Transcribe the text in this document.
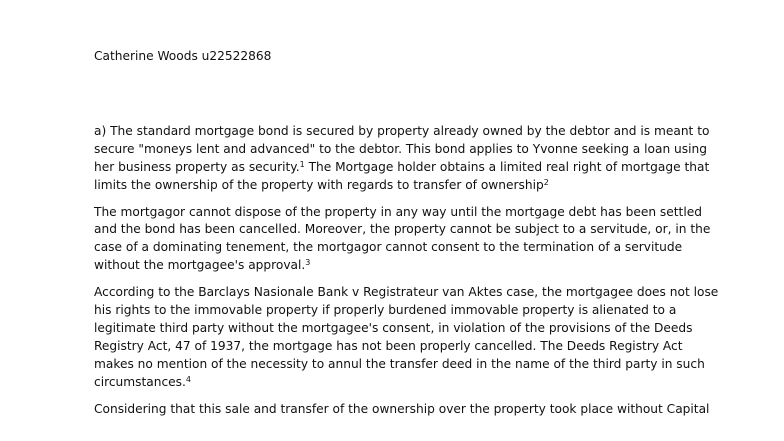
Catherine Woods u22522868

a) The standard mortgage bond is secured by property already owned by the debtor and is meant to
secure "moneys lent and advanced" to the debtor. This bond applies to Yvonne seeking a loan using
her business property as security.$^1$ The Mortgage holder obtains a limited real right of mortgage that
limits the ownership of the property with regards to transfer of ownership$^2$

The mortgagor cannot dispose of the property in any way until the mortgage debt has been settled
and the bond has been cancelled. Moreover, the property cannot be subject to a servitude, or, in the
case of a dominating tenement, the mortgagor cannot consent to the termination of a servitude
without the mortgagee's approval.$^3$

According to the Barclays Nasionale Bank v Registrateur van Aktes case, the mortgagee does not lose
his rights to the immovable property if properly burdened immovable property is alienated to a
legitimate third party without the mortgagee's consent, in violation of the provisions of the Deeds
Registry Act, 47 of 1937, the mortgage has not been properly cancelled. The Deeds Registry Act
makes no mention of the necessity to annul the transfer deed in the name of the third party in such
circumstances.$^4$

Considering that this sale and transfer of the ownership over the property took place without Capital
